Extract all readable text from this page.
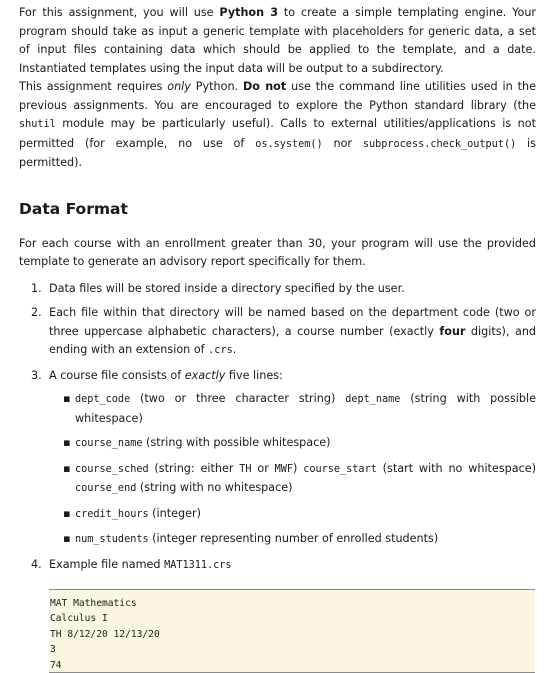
For this assignment, you will use Python 3 to create a simple templating engine. Your program should take as input a generic template with placeholders for generic data, a set of input files containing data which should be applied to the template, and a date. Instantiated templates using the input data will be output to a subdirectory.

This assignment requires only Python. Do not use the command line utilities used in the previous assignments. You are encouraged to explore the Python standard library (the shutil module may be particularly useful). Calls to external utilities/applications is not permitted (for example, no use of os.system() nor subprocess.check_output() is permitted).

Data Format

For each course with an enrollment greater than 30, your program will use the provided template to generate an advisory report specifically for them.

1. Data files will be stored inside a directory specified by the user.
2. Each file within that directory will be named based on the department code (two or three uppercase alphabetic characters), a course number (exactly four digits), and ending with an extension of .crs.
3. A course file consists of exactly five lines:
▪ dept_code (two or three character string) dept_name (string with possible whitespace)
▪ course_name (string with possible whitespace)
▪ course_sched (string: either TH or MWF) course_start (start with no whitespace) course_end (string with no whitespace)
▪ credit_hours (integer)
▪ num_students (integer representing number of enrolled students)
4. Example file named MAT1311.crs
MAT Mathematics
Calculus I
TH 8/12/20 12/13/20
3
74
